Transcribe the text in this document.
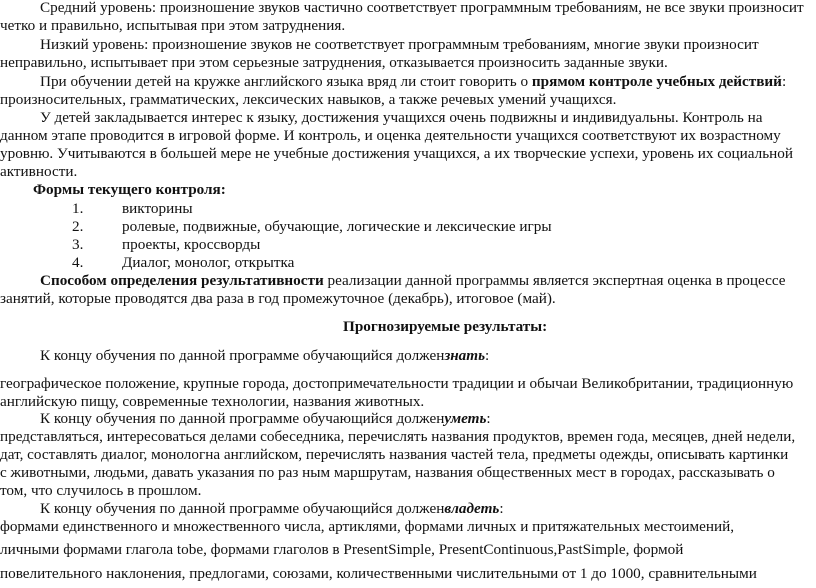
Средний уровень: произношение звуков частично соответствует программным требованиям, не все звуки произносит
четко и правильно, испытывая при этом затруднения.
Низкий уровень: произношение звуков не соответствует программным требованиям, многие звуки произносит
неправильно, испытывает при этом серьезные затруднения, отказывается произносить заданные звуки.
При обучении детей на кружке английского языка вряд ли стоит говорить о прямом контроле учебных действий:
произносительных, грамматических, лексических навыков, а также речевых умений учащихся.
У детей закладывается интерес к языку, достижения учащихся очень подвижны и индивидуальны. Контроль на
данном этапе проводится в игровой форме. И контроль, и оценка деятельности учащихся соответствуют их возрастному
уровню. Учитываются в большей мере не учебные достижения учащихся, а их творческие успехи, уровень их социальной
активности.
Формы текущего контроля:
1.	викторины
2.	ролевые, подвижные, обучающие, логические и лексические игры
3.	проекты, кроссворды
4.	Диалог, монолог, открытка
Способом определения результативности реализации данной программы является экспертная оценка в процессе
занятий, которые проводятся два раза в год промежуточное (декабрь), итоговое (май).
Прогнозируемые результаты:
К концу обучения по данной программе обучающийся должензнать:
географическое положение, крупные города, достопримечательности традиции и обычаи Великобритании, традиционную
английскую пищу, современные технологии, названия животных.
К концу обучения по данной программе обучающийся долженуметь:
представляться, интересоваться делами собеседника, перечислять названия продуктов, времен года, месяцев, дней недели,
дат, составлять диалог, монологна английском, перечислять названия частей тела, предметы одежды, описывать картинки
с животными, людьми, давать указания по раз ным маршрутам, названия общественных мест в городах, рассказывать о
том, что случилось в прошлом.
К концу обучения по данной программе обучающийся долженвладеть:
формами единственного и множественного числа, артиклями, формами личных и притяжательных местоимений,
личными формами глагола tobe, формами глаголов в PresentSimple, PresentContinuous,PastSimple, формой
повелительного наклонения, предлогами, союзами, количественными числительными от 1 до 1000, сравнительными
